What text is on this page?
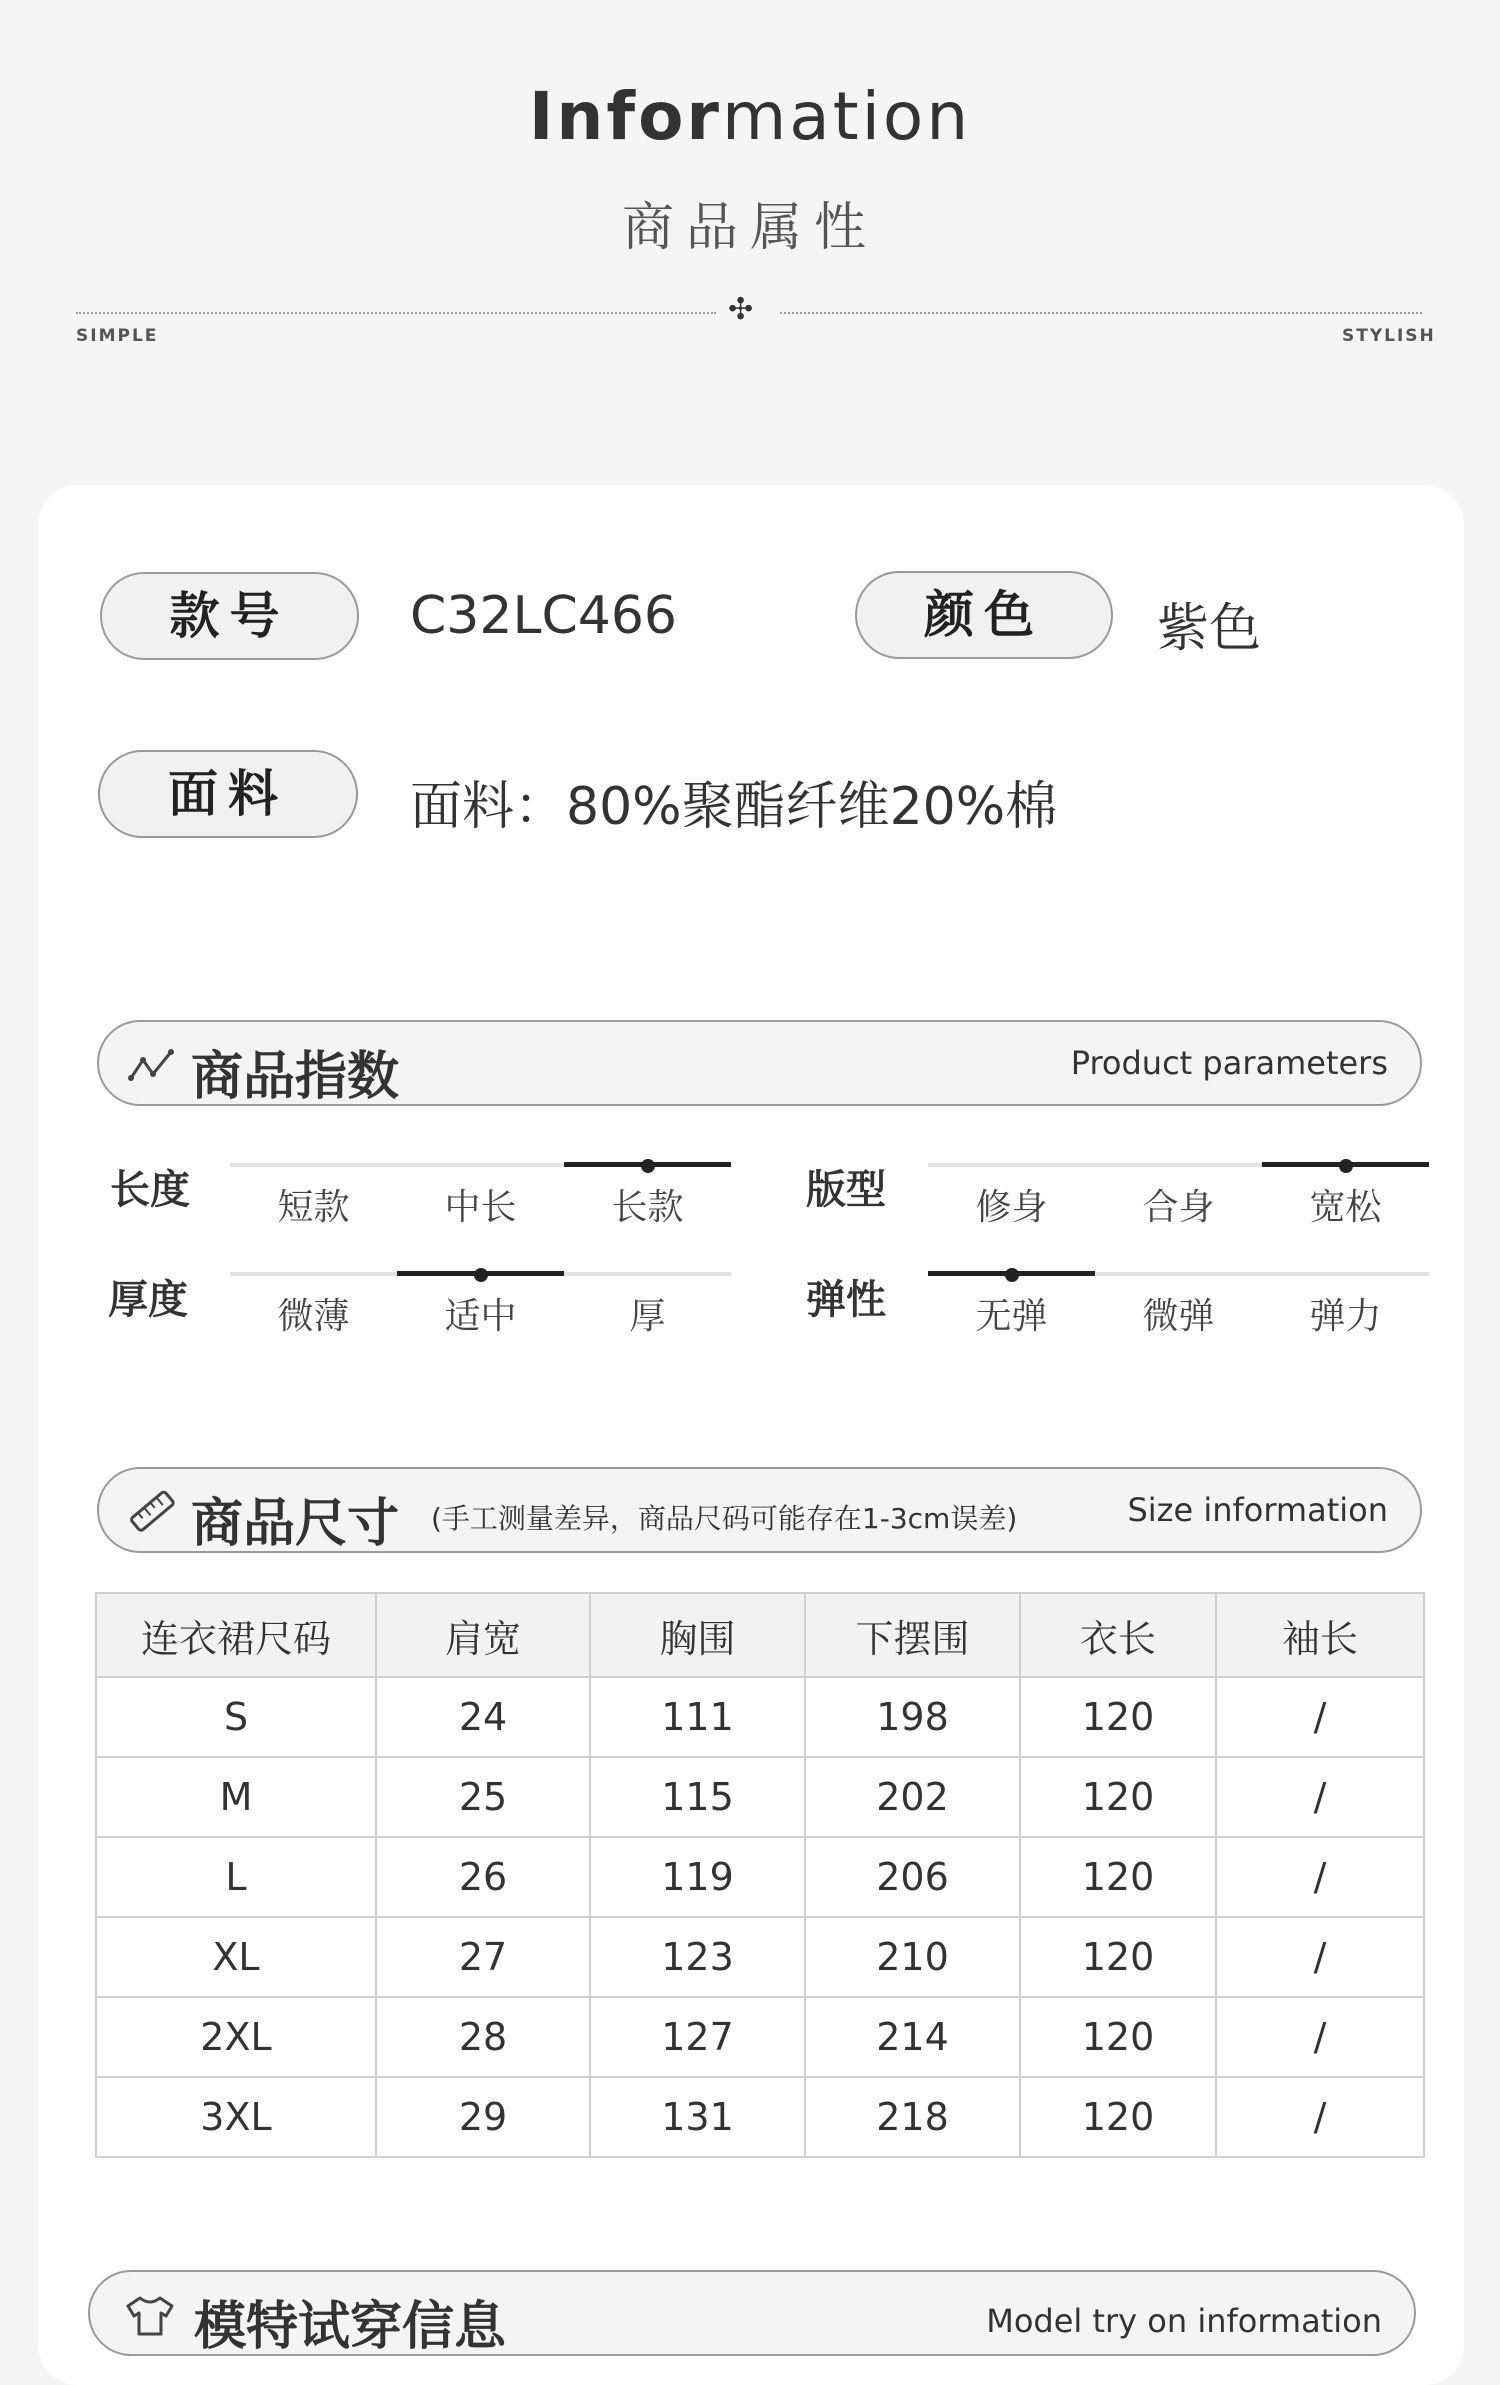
Information
商品属性
✣
SIMPLE	STYLISH
款号	C32LC466	颜色	紫色
面料	面料：80%聚酯纤维20%棉
商品指数	Product parameters
长度	短款	中长	长款	版型	修身	合身	宽松
厚度	微薄	适中	厚	弹性	无弹	微弹	弹力
商品尺寸 (手工测量差异，商品尺码可能存在1-3cm误差)	Size information
连衣裙尺码	肩宽	胸围	下摆围	衣长	袖长
S	24	111	198	120	/
M	25	115	202	120	/
L	26	119	206	120	/
XL	27	123	210	120	/
2XL	28	127	214	120	/
3XL	29	131	218	120	/
模特试穿信息	Model try on information
